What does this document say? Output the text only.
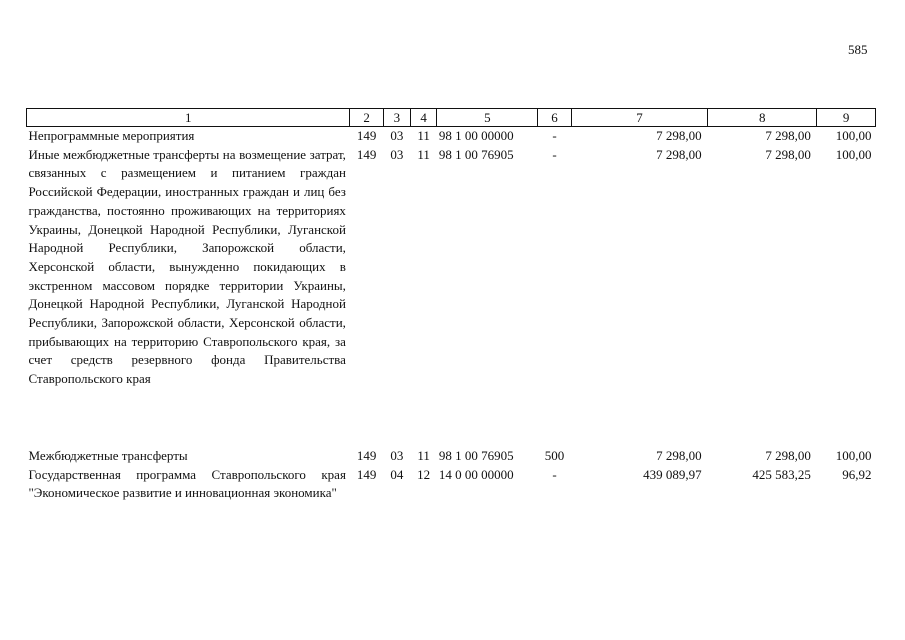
585
1	2	3	4	5	6	7	8	9
Непрограммные мероприятия	149	03	11	98 1 00 00000	-	7 298,00	7 298,00	100,00
Иные межбюджетные трансферты на возмещение затрат, связанных с размещением и питанием граждан Российской Федерации, иностранных граждан и лиц без гражданства, постоянно проживающих на территориях Украины, Донецкой Народной Республики, Луганской Народной Республики, Запорожской области, Херсонской области, вынужденно покидающих в экстренном массовом порядке территории Украины, Донецкой Народной Республики, Луганской Народной Республики, Запорожской области, Херсонской области, прибывающих на территорию Ставропольского края, за счет средств резервного фонда Правительства Ставропольского края	149	03	11	98 1 00 76905	-	7 298,00	7 298,00	100,00

Межбюджетные трансферты	149	03	11	98 1 00 76905	500	7 298,00	7 298,00	100,00
Государственная программа Ставропольского края "Экономическое развитие и инновационная экономика"	149	04	12	14 0 00 00000	-	439 089,97	425 583,25	96,92
